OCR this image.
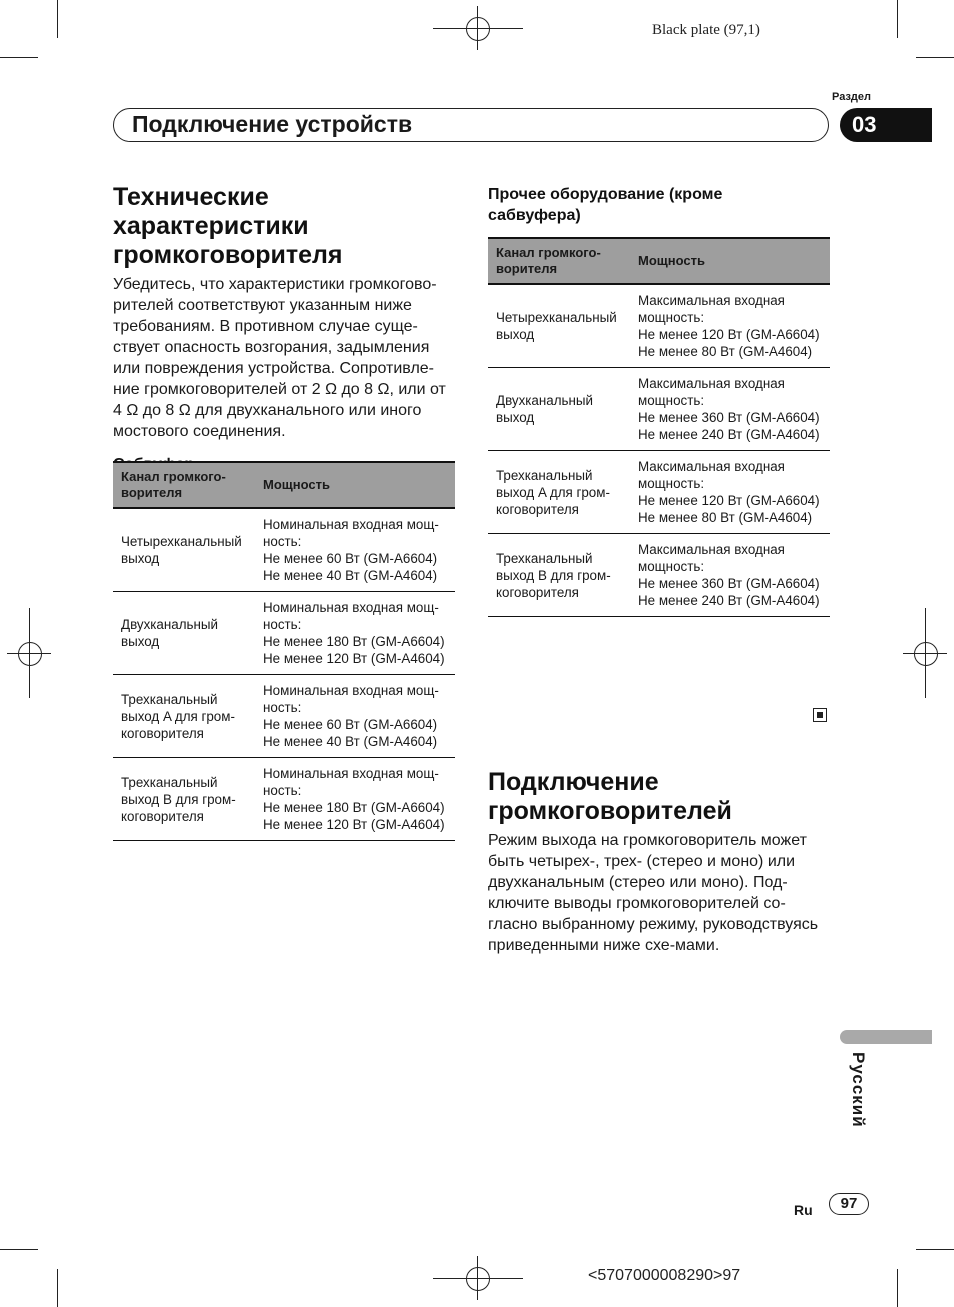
Black plate (97,1)
Раздел
Подключение устройств	03
Технические характеристики громкоговорителя

Убедитесь, что характеристики громкогово-рителей соответствуют указанным ниже требованиям. В противном случае суще-ствует опасность возгорания, задымления или повреждения устройства. Сопротивле-ние громкоговорителей от 2 Ω до 8 Ω, или от 4 Ω до 8 Ω для двухканального или иного мостового соединения.

Канал громкого-ворителя	Мощность
Четырехканальный выход	Номинальная входная мощ-ность:
Не менее 60 Вт (GM-A6604)
Не менее 40 Вт (GM-A4604)

Двухканальный выход	Номинальная входная мощ-ность:
Не менее 180 Вт (GM-A6604)
Не менее 120 Вт (GM-A4604)

Трехканальный выход A для гром-коговорителя	Номинальная входная мощ-ность:
Не менее 60 Вт (GM-A6604)
Не менее 40 Вт (GM-A4604)

Трехканальный выход B для гром-коговорителя	Номинальная входная мощ-ность:
Не менее 180 Вт (GM-A6604)
Не менее 120 Вт (GM-A4604)
Прочее оборудование (кроме сабвуфера)
Канал громкого-ворителя	Мощность
Четырехканальный выход	Максимальная входная мощность:
Не менее 120 Вт (GM-A6604)
Не менее 80 Вт (GM-A4604)

Двухканальный выход	Максимальная входная мощность:
Не менее 360 Вт (GM-A6604)
Не менее 240 Вт (GM-A4604)

Трехканальный выход A для гром-коговорителя	Максимальная входная мощность:
Не менее 120 Вт (GM-A6604)
Не менее 80 Вт (GM-A4604)

Трехканальный выход B для гром-коговорителя	Максимальная входная мощность:
Не менее 360 Вт (GM-A6604)
Не менее 240 Вт (GM-A4604)
Подключение громкоговорителей

Режим выхода на громкоговоритель может быть четырех-, трех- (стерео и моно) или двухканальным (стерео или моно). Под-ключите выводы громкоговорителей со-гласно выбранному режиму, руководствуясь приведенными ниже схе-мами.

Русский
Ru	97
<5707000008290>97
